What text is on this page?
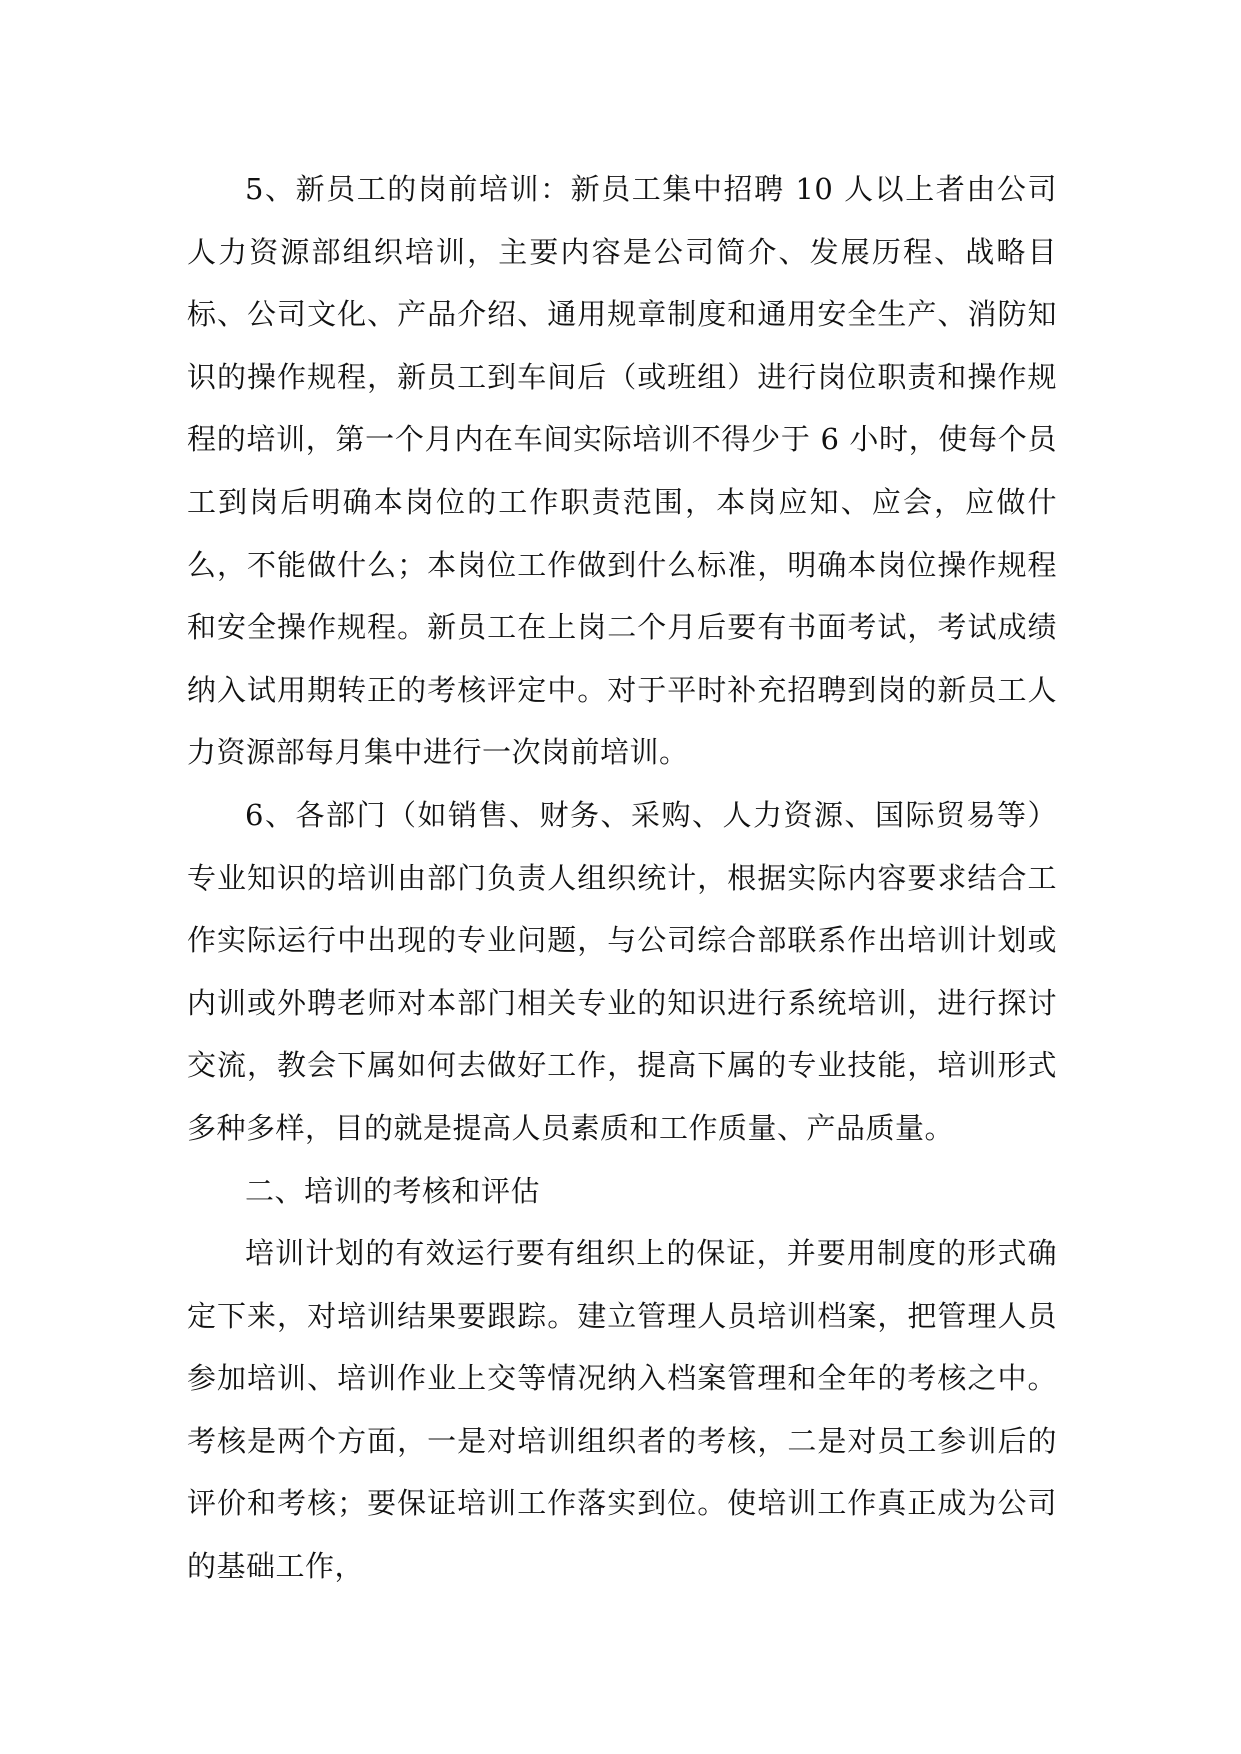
5、新员工的岗前培训：新员工集中招聘 10 人以上者由公司人力资源部组织培训，主要内容是公司简介、发展历程、战略目标、公司文化、产品介绍、通用规章制度和通用安全生产、消防知识的操作规程，新员工到车间后（或班组）进行岗位职责和操作规程的培训，第一个月内在车间实际培训不得少于 6 小时，使每个员工到岗后明确本岗位的工作职责范围，本岗应知、应会，应做什么，不能做什么；本岗位工作做到什么标准，明确本岗位操作规程和安全操作规程。新员工在上岗二个月后要有书面考试，考试成绩纳入试用期转正的考核评定中。对于平时补充招聘到岗的新员工人力资源部每月集中进行一次岗前培训。

6、各部门（如销售、财务、采购、人力资源、国际贸易等）专业知识的培训由部门负责人组织统计，根据实际内容要求结合工作实际运行中出现的专业问题，与公司综合部联系作出培训计划或内训或外聘老师对本部门相关专业的知识进行系统培训，进行探讨交流，教会下属如何去做好工作，提高下属的专业技能，培训形式多种多样，目的就是提高人员素质和工作质量、产品质量。

二、培训的考核和评估

培训计划的有效运行要有组织上的保证，并要用制度的形式确定下来，对培训结果要跟踪。建立管理人员培训档案，把管理人员参加培训、培训作业上交等情况纳入档案管理和全年的考核之中。考核是两个方面，一是对培训组织者的考核，二是对员工参训后的评价和考核；要保证培训工作落实到位。使培训工作真正成为公司的基础工作，
